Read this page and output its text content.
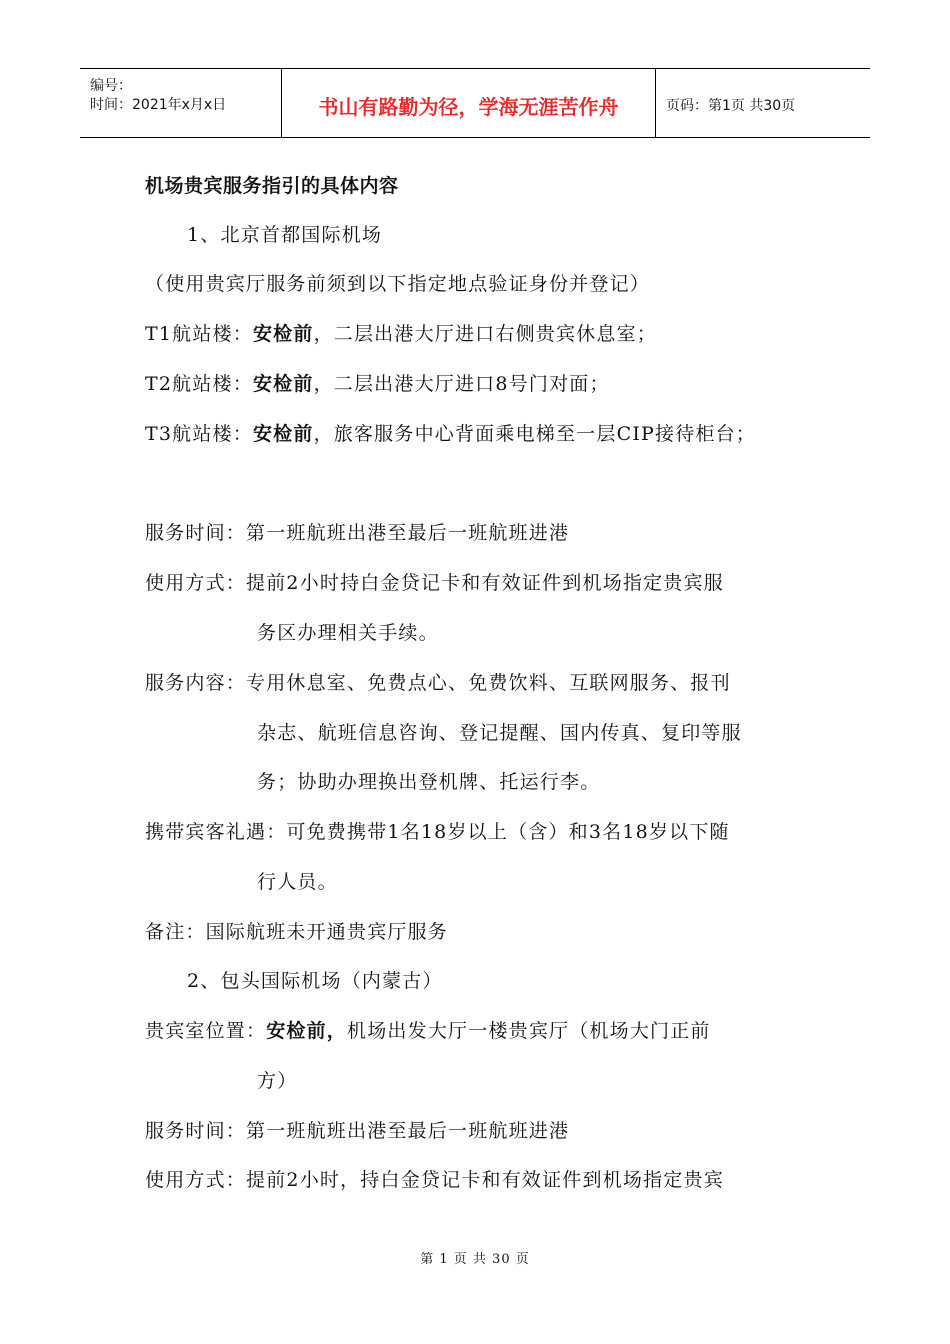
编号：
时间：2021年x月x日	书山有路勤为径，学海无涯苦作舟	页码：第1页 共30页
机场贵宾服务指引的具体内容
1、北京首都国际机场
（使用贵宾厅服务前须到以下指定地点验证身份并登记）
T1航站楼：安检前，二层出港大厅进口右侧贵宾休息室；
T2航站楼：安检前，二层出港大厅进口8号门对面；
T3航站楼：安检前，旅客服务中心背面乘电梯至一层CIP接待柜台；
服务时间：第一班航班出港至最后一班航班进港
使用方式：提前2小时持白金贷记卡和有效证件到机场指定贵宾服
务区办理相关手续。
服务内容：专用休息室、免费点心、免费饮料、互联网服务、报刊
杂志、航班信息咨询、登记提醒、国内传真、复印等服
务；协助办理换出登机牌、托运行李。
携带宾客礼遇：可免费携带1名18岁以上（含）和3名18岁以下随
行人员。
备注：国际航班未开通贵宾厅服务
2、包头国际机场（内蒙古）
贵宾室位置：安检前，机场出发大厅一楼贵宾厅（机场大门正前
方）
服务时间：第一班航班出港至最后一班航班进港
使用方式：提前2小时，持白金贷记卡和有效证件到机场指定贵宾
第 1 页 共 30 页
